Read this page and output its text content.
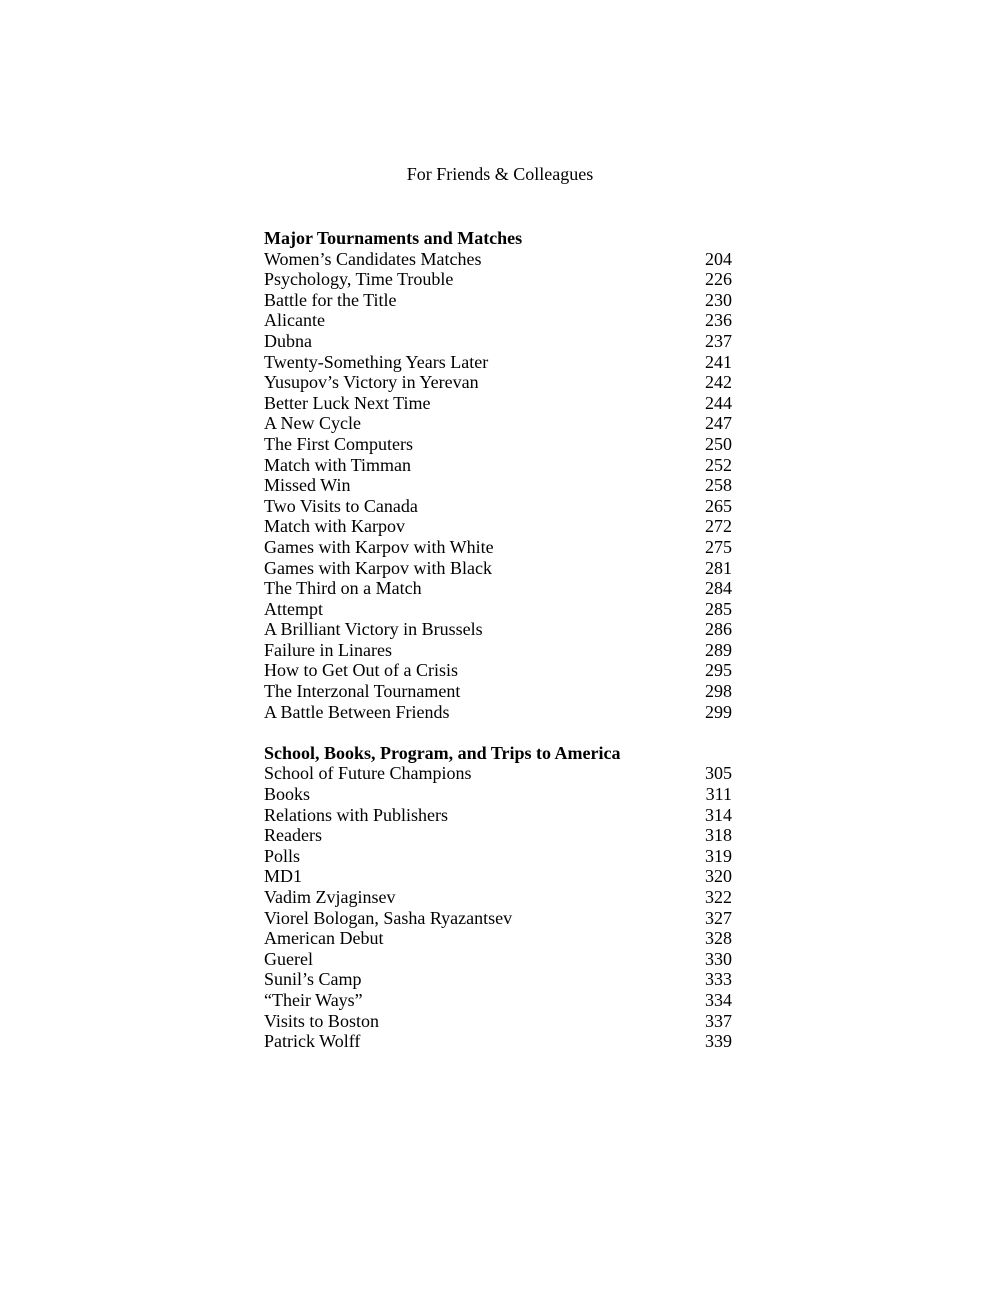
For Friends & Colleagues
Major Tournaments and Matches
Women’s Candidates Matches	204
Psychology, Time Trouble	226
Battle for the Title	230
Alicante	236
Dubna	237
Twenty-Something Years Later	241
Yusupov’s Victory in Yerevan	242
Better Luck Next Time	244
A New Cycle	247
The First Computers	250
Match with Timman	252
Missed Win	258
Two Visits to Canada	265
Match with Karpov	272
Games with Karpov with White	275
Games with Karpov with Black	281
The Third on a Match	284
Attempt	285
A Brilliant Victory in Brussels	286
Failure in Linares	289
How to Get Out of a Crisis	295
The Interzonal Tournament	298
A Battle Between Friends	299
School, Books, Program, and Trips to America
School of Future Champions	305
Books	311
Relations with Publishers	314
Readers	318
Polls	319
MD1	320
Vadim Zvjaginsev	322
Viorel Bologan, Sasha Ryazantsev	327
American Debut	328
Guerel	330
Sunil’s Camp	333
“Their Ways”	334
Visits to Boston	337
Patrick Wolff	339
